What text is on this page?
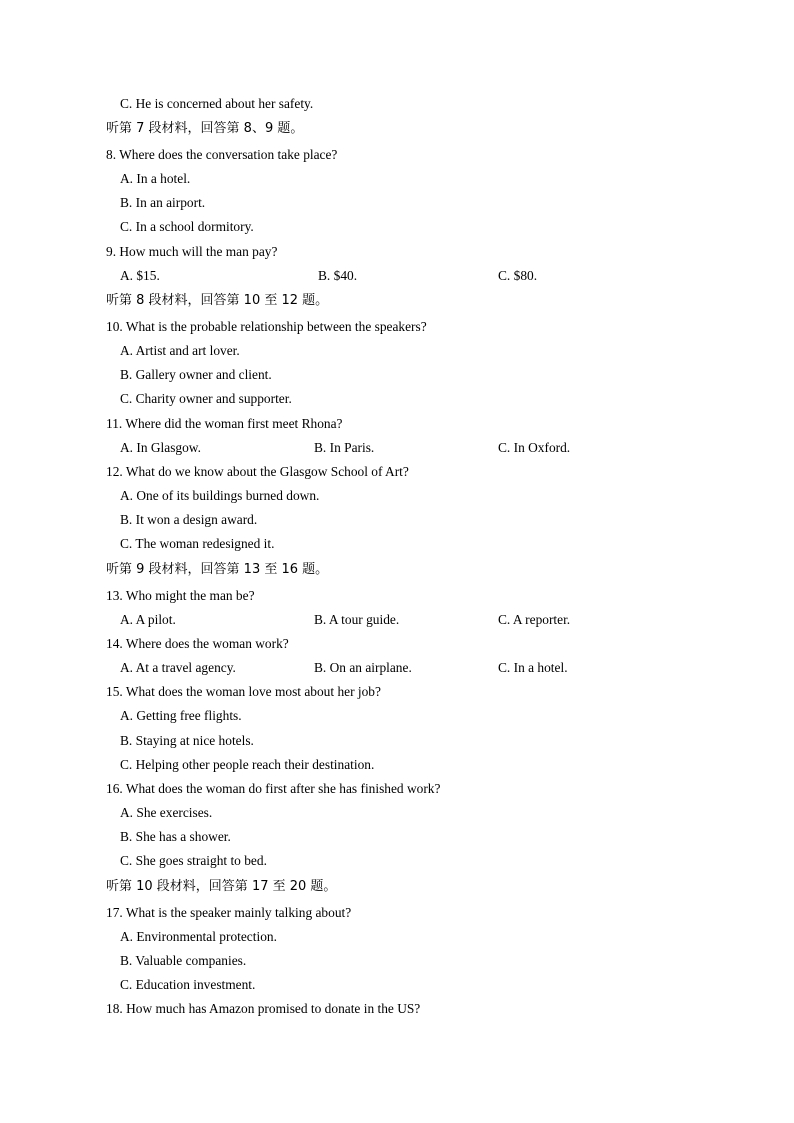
C. He is concerned about her safety.
听第 7 段材料，回答第 8、9 题。
8. Where does the conversation take place?
A. In a hotel.
B. In an airport.
C. In a school dormitory.
9. How much will the man pay?
A. $15.	B. $40.	C. $80.
听第 8 段材料，回答第 10 至 12 题。
10. What is the probable relationship between the speakers?
A. Artist and art lover.
B. Gallery owner and client.
C. Charity owner and supporter.
11. Where did the woman first meet Rhona?
A. In Glasgow.	B. In Paris.	C. In Oxford.
12. What do we know about the Glasgow School of Art?
A. One of its buildings burned down.
B. It won a design award.
C. The woman redesigned it.
听第 9 段材料，回答第 13 至 16 题。
13. Who might the man be?
A. A pilot.	B. A tour guide.	C. A reporter.
14. Where does the woman work?
A. At a travel agency.	B. On an airplane.	C. In a hotel.
15. What does the woman love most about her job?
A. Getting free flights.
B. Staying at nice hotels.
C. Helping other people reach their destination.
16. What does the woman do first after she has finished work?
A. She exercises.
B. She has a shower.
C. She goes straight to bed.
听第 10 段材料，回答第 17 至 20 题。
17. What is the speaker mainly talking about?
A. Environmental protection.
B. Valuable companies.
C. Education investment.
18. How much has Amazon promised to donate in the US?
